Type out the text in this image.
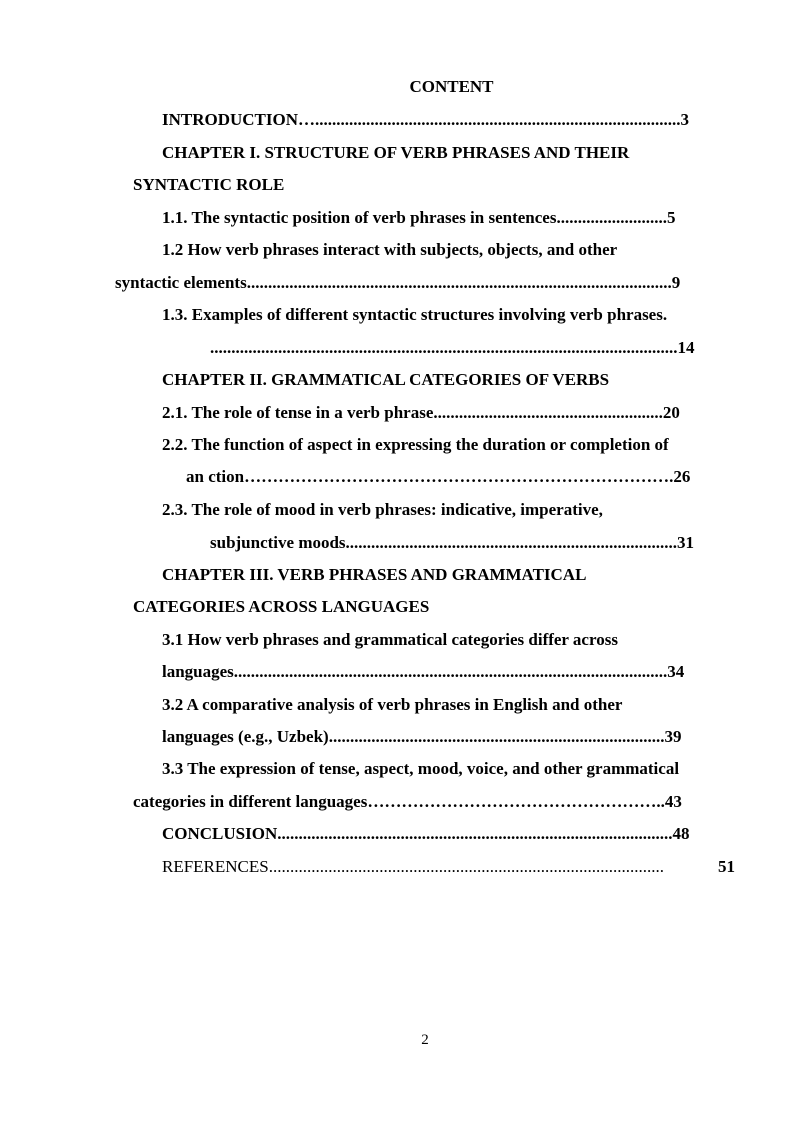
CONTENT
INTRODUCTION…......................................................................................3
CHAPTER I. STRUCTURE OF VERB PHRASES AND THEIR
SYNTACTIC ROLE
1.1. The syntactic position of verb phrases in sentences..........................5
1.2 How verb phrases interact with subjects, objects, and other
syntactic elements....................................................................................................9
1.3. Examples of different syntactic structures involving verb phrases.
..............................................................................................................14
CHAPTER II. GRAMMATICAL CATEGORIES OF VERBS
2.1. The role of tense in a verb phrase......................................................20
2.2. The function of aspect in expressing the duration or completion of
an ction………………………………………………………………….26
2.3. The role of mood in verb phrases: indicative, imperative,
subjunctive moods..............................................................................31
CHAPTER III. VERB PHRASES AND GRAMMATICAL
CATEGORIES ACROSS LANGUAGES
3.1 How verb phrases and grammatical categories differ across
languages......................................................................................................34
3.2 A comparative analysis of verb phrases in English and other
languages (e.g., Uzbek)...............................................................................39
3.3 The expression of tense, aspect, mood, voice, and other grammatical
categories in different languages……………………………………………..43
CONCLUSION.............................................................................................48
REFERENCES.............................................................................................	51
2
